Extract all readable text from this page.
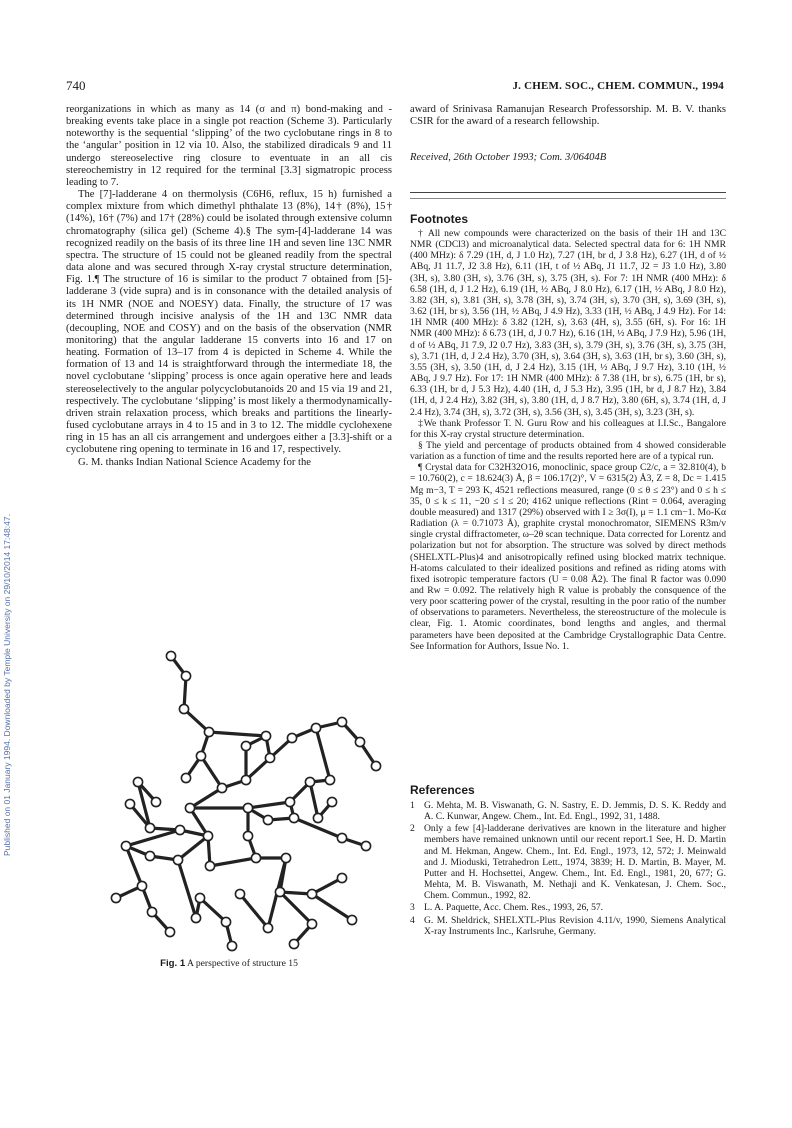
740	J. CHEM. SOC., CHEM. COMMUN., 1994
Published on 01 January 1994. Downloaded by Temple University on 29/10/2014 17:48:47.

reorganizations in which as many as 14 (σ and π) bond-making and -breaking events take place in a single pot reaction (Scheme 3). Particularly noteworthy is the sequential ‘slipping’ of the two cyclobutane rings in 8 to the ‘angular’ position in 12 via 10. Also, the stabilized diradicals 9 and 11 undergo stereoselective ring closure to eventuate in an all cis stereochemistry in 12 required for the terminal [3.3] sigmatropic process leading to 7.

The [7]-ladderane 4 on thermolysis (C6H6, reflux, 15 h) furnished a complex mixture from which dimethyl phthalate 13 (8%), 14† (8%), 15† (14%), 16† (7%) and 17† (28%) could be isolated through extensive column chromatography (silica gel) (Scheme 4).§ The sym-[4]-ladderane 14 was recognized readily on the basis of its three line 1H and seven line 13C NMR spectra. The structure of 15 could not be gleaned readily from the spectral data alone and was secured through X-ray crystal structure determination, Fig. 1.¶ The structure of 16 is similar to the product 7 obtained from [5]-ladderane 3 (vide supra) and is in consonance with the detailed analysis of its 1H NMR (NOE and NOESY) data. Finally, the structure of 17 was determined through incisive analysis of the 1H and 13C NMR data (decoupling, NOE and COSY) and on the basis of the observation (NMR monitoring) that the angular ladderane 15 converts into 16 and 17 on heating. Formation of 13–17 from 4 is depicted in Scheme 4. While the formation of 13 and 14 is straightforward through the intermediate 18, the novel cyclobutane ‘slipping’ process is once again operative here and leads stereoselectively to the angular polycyclobutanoids 20 and 15 via 19 and 21, respectively. The cyclobutane ‘slipping’ is most likely a thermodynamically-driven strain relaxation process, which breaks and partitions the linearly-fused cyclobutane arrays in 4 to 15 and in 3 to 12. The middle cyclohexene ring in 15 has an all cis arrangement and undergoes either a [3.3]-shift or a cyclobutene ring opening to terminate in 16 and 17, respectively.

G. M. thanks Indian National Science Academy for the

award of Srinivasa Ramanujan Research Professorship. M. B. V. thanks CSIR for the award of a research fellowship.

Received, 26th October 1993; Com. 3/06404B
Footnotes

† All new compounds were characterized on the basis of their 1H and 13C NMR (CDCl3) and microanalytical data. Selected spectral data for 6: 1H NMR (400 MHz): δ 7.29 (1H, d, J 1.0 Hz), 7.27 (1H, br d, J 3.8 Hz), 6.27 (1H, d of ½ ABq, J1 11.7, J2 3.8 Hz), 6.11 (1H, t of ½ ABq, J1 11.7, J2 = J3 1.0 Hz), 3.80 (3H, s), 3.80 (3H, s), 3.76 (3H, s), 3.75 (3H, s). For 7: 1H NMR (400 MHz): δ 6.58 (1H, d, J 1.2 Hz), 6.19 (1H, ½ ABq, J 8.0 Hz), 6.17 (1H, ½ ABq, J 8.0 Hz), 3.82 (3H, s), 3.81 (3H, s), 3.78 (3H, s), 3.74 (3H, s), 3.70 (3H, s), 3.69 (3H, s), 3.62 (1H, br s), 3.56 (1H, ½ ABq, J 4.9 Hz), 3.33 (1H, ½ ABq, J 4.9 Hz). For 14: 1H NMR (400 MHz): δ 3.82 (12H, s), 3.63 (4H, s), 3.55 (6H, s). For 16: 1H NMR (400 MHz): δ 6.73 (1H, d, J 0.7 Hz), 6.16 (1H, ½ ABq, J 7.9 Hz), 5.96 (1H, d of ½ ABq, J1 7.9, J2 0.7 Hz), 3.83 (3H, s), 3.79 (3H, s), 3.76 (3H, s), 3.75 (3H, s), 3.71 (1H, d, J 2.4 Hz), 3.70 (3H, s), 3.64 (3H, s), 3.63 (1H, br s), 3.60 (3H, s), 3.55 (3H, s), 3.50 (1H, d, J 2.4 Hz), 3.15 (1H, ½ ABq, J 9.7 Hz), 3.10 (1H, ½ ABq, J 9.7 Hz). For 17: 1H NMR (400 MHz): δ 7.38 (1H, br s), 6.75 (1H, br s), 6.33 (1H, br d, J 5.3 Hz), 4.40 (1H, d, J 5.3 Hz), 3.95 (1H, br d, J 8.7 Hz), 3.84 (1H, d, J 2.4 Hz), 3.82 (3H, s), 3.80 (1H, d, J 8.7 Hz), 3.80 (6H, s), 3.74 (1H, d, J 2.4 Hz), 3.74 (3H, s), 3.72 (3H, s), 3.56 (3H, s), 3.45 (3H, s), 3.23 (3H, s).

‡We thank Professor T. N. Guru Row and his colleagues at I.I.Sc., Bangalore for this X-ray crystal structure determination.

§ The yield and percentage of products obtained from 4 showed considerable variation as a function of time and the results reported here are of a typical run.

¶ Crystal data for C32H32O16, monoclinic, space group C2/c, a = 32.810(4), b = 10.760(2), c = 18.624(3) Å, β = 106.17(2)°, V = 6315(2) Å3, Z = 8, Dc = 1.415 Mg m−3, T = 293 K, 4521 reflections measured, range (0 ≤ θ ≤ 23°) and 0 ≤ h ≤ 35, 0 ≤ k ≤ 11, −20 ≤ l ≤ 20; 4162 unique reflections (Rint = 0.064, averaging double measured) and 1317 (29%) observed with I ≥ 3σ(I), μ = 1.1 cm−1. Mo-Kα Radiation (λ = 0.71073 Å), graphite crystal monochromator, SIEMENS R3m/v single crystal diffractometer, ω–2θ scan technique. Data corrected for Lorentz and polarization but not for absorption. The structure was solved by direct methods (SHELXTL-Plus)4 and anisotropically refined using blocked matrix technique. H-atoms calculated to their idealized positions and refined as riding atoms with fixed isotropic temperature factors (U = 0.08 Å2). The final R factor was 0.090 and Rw = 0.092. The relatively high R value is probably the consquence of the very poor scattering power of the crystal, resulting in the poor ratio of the number of observations to parameters. Nevertheless, the stereostructure of the molecule is clear, Fig. 1. Atomic coordinates, bond lengths and angles, and thermal parameters have been deposited at the Cambridge Crystallographic Data Centre. See Information for Authors, Issue No. 1.

References
1 G. Mehta, M. B. Viswanath, G. N. Sastry, E. D. Jemmis, D. S. K. Reddy and A. C. Kunwar, Angew. Chem., Int. Ed. Engl., 1992, 31, 1488.
2 Only a few [4]-ladderane derivatives are known in the literature and higher members have remained unknown until our recent report.1 See, H. D. Martin and M. Hekman, Angew. Chem., Int. Ed. Engl., 1973, 12, 572; J. Meinwald and J. Mioduski, Tetrahedron Lett., 1974, 3839; H. D. Martin, B. Mayer, M. Putter and H. Hochsettei, Angew. Chem., Int. Ed. Engl., 1981, 20, 677; G. Mehta, M. B. Viswanath, M. Nethaji and K. Venkatesan, J. Chem. Soc., Chem. Commun., 1992, 82.
3 L. A. Paquette, Acc. Chem. Res., 1993, 26, 57.
4 G. M. Sheldrick, SHELXTL-Plus Revision 4.11/v, 1990, Siemens Analytical X-ray Instruments Inc., Karlsruhe, Germany.
Fig. 1 A perspective of structure 15
